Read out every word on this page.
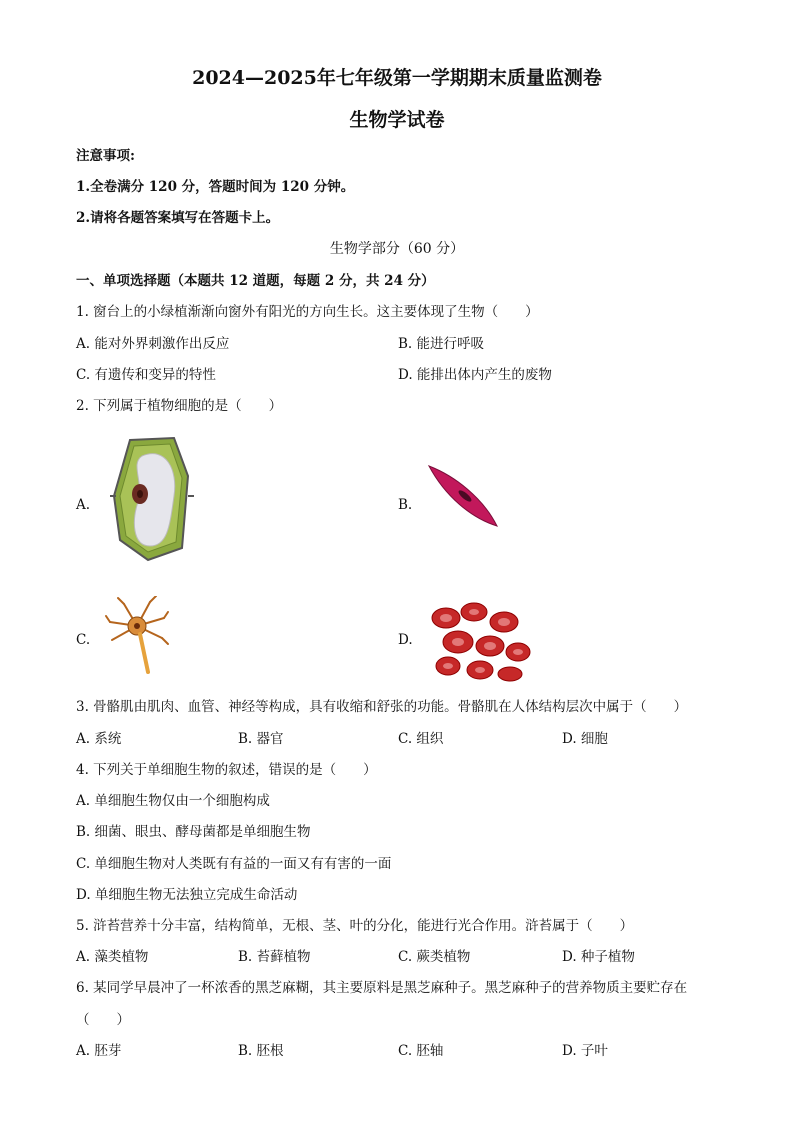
2024—2025年七年级第一学期期末质量监测卷
生物学试卷
注意事项:
1.全卷满分 120 分，答题时间为 120 分钟。
2.请将各题答案填写在答题卡上。
生物学部分（60 分）
一、单项选择题（本题共 12 道题，每题 2 分，共 24 分）
1. 窗台上的小绿植渐渐向窗外有阳光的方向生长。这主要体现了生物（　　）
A. 能对外界刺激作出反应	B. 能进行呼吸
C. 有遗传和变异的特性	D. 能排出体内产生的废物
2. 下列属于植物细胞的是（　　）
A.	B.
C.	D.
3. 骨骼肌由肌肉、血管、神经等构成，具有收缩和舒张的功能。骨骼肌在人体结构层次中属于（　　）
A. 系统	B. 器官	C. 组织	D. 细胞
4. 下列关于单细胞生物的叙述，错误的是（　　）
A. 单细胞生物仅由一个细胞构成
B. 细菌、眼虫、酵母菌都是单细胞生物
C. 单细胞生物对人类既有有益的一面又有有害的一面
D. 单细胞生物无法独立完成生命活动
5. 浒苔营养十分丰富，结构简单，无根、茎、叶的分化，能进行光合作用。浒苔属于（　　）
A. 藻类植物	B. 苔藓植物	C. 蕨类植物	D. 种子植物
6. 某同学早晨冲了一杯浓香的黑芝麻糊，其主要原料是黑芝麻种子。黑芝麻种子的营养物质主要贮存在
（　　）
A. 胚芽	B. 胚根	C. 胚轴	D. 子叶
